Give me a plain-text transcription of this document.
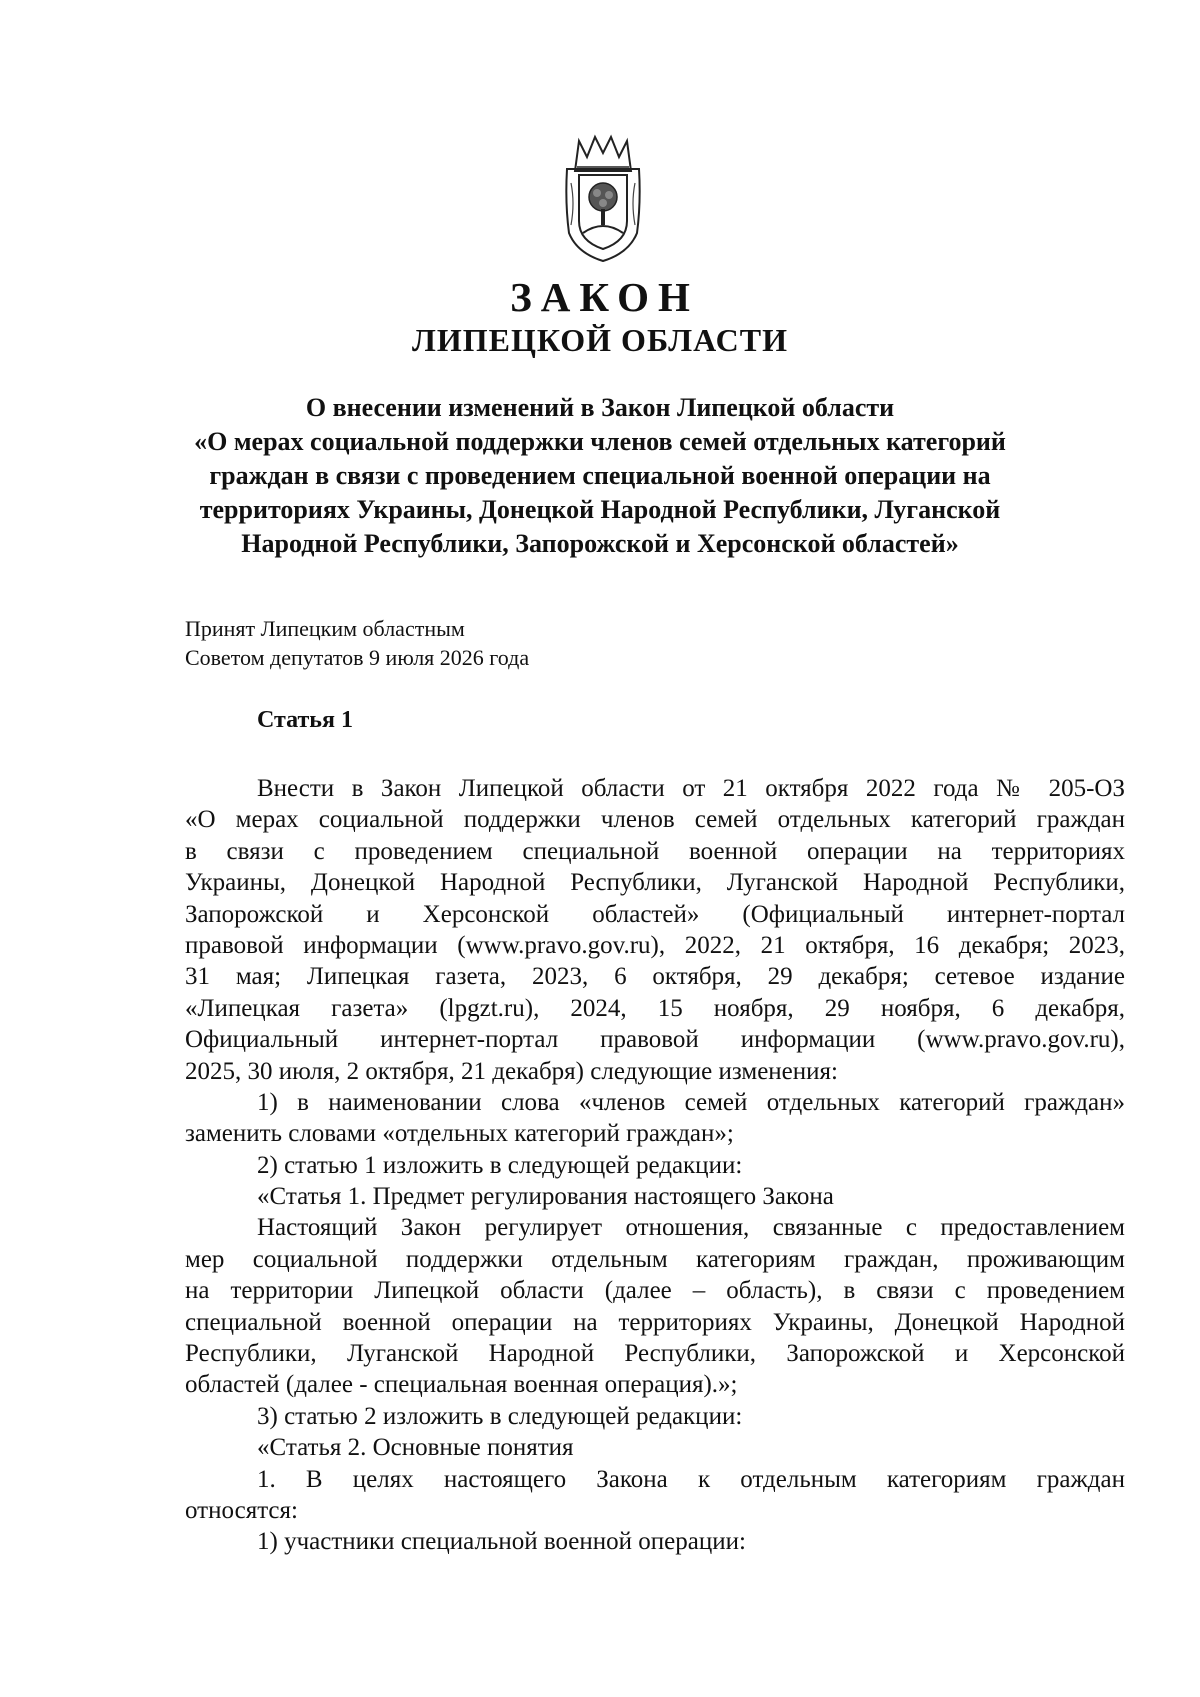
ЗАКОН
ЛИПЕЦКОЙ ОБЛАСТИ
О внесении изменений в Закон Липецкой области
«О мерах социальной поддержки членов семей отдельных категорий
граждан в связи с проведением специальной военной операции на
территориях Украины, Донецкой Народной Республики, Луганской
Народной Республики, Запорожской и Херсонской областей»
Принят Липецким областным
Советом депутатов 9 июля 2026 года
Статья 1
Внести в Закон Липецкой области от 21 октября 2022 года № 205-ОЗ
«О мерах социальной поддержки членов семей отдельных категорий граждан
в связи с проведением специальной военной операции на территориях
Украины, Донецкой Народной Республики, Луганской Народной Республики,
Запорожской и Херсонской областей» (Официальный интернет-портал
правовой информации (www.pravo.gov.ru), 2022, 21 октября, 16 декабря; 2023,
31 мая; Липецкая газета, 2023, 6 октября, 29 декабря; сетевое издание
«Липецкая газета» (lpgzt.ru), 2024, 15 ноября, 29 ноября, 6 декабря,
Официальный интернет-портал правовой информации (www.pravo.gov.ru),
2025, 30 июля, 2 октября, 21 декабря) следующие изменения:
1) в наименовании слова «членов семей отдельных категорий граждан»
заменить словами «отдельных категорий граждан»;
2) статью 1 изложить в следующей редакции:
«Статья 1. Предмет регулирования настоящего Закона
Настоящий Закон регулирует отношения, связанные с предоставлением
мер социальной поддержки отдельным категориям граждан, проживающим
на территории Липецкой области (далее – область), в связи с проведением
специальной военной операции на территориях Украины, Донецкой Народной
Республики, Луганской Народной Республики, Запорожской и Херсонской
областей (далее - специальная военная операция).»;
3) статью 2 изложить в следующей редакции:
«Статья 2. Основные понятия
1. В целях настоящего Закона к отдельным категориям граждан
относятся:
1) участники специальной военной операции:
